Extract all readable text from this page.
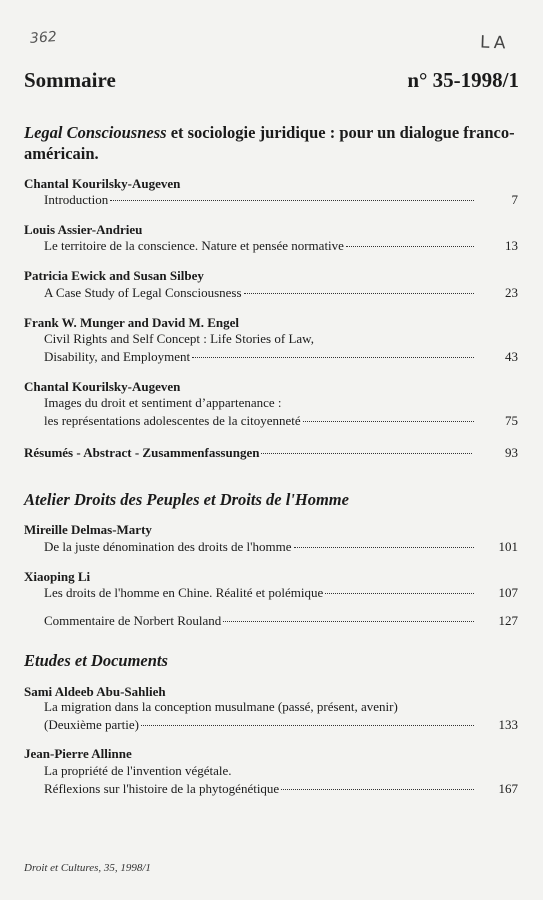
362	LA
Sommaire	n° 35-1998/1
Legal Consciousness et sociologie juridique : pour un dialogue franco-
américain.
Chantal Kourilsky-Augeven
Introduction	7
Louis Assier-Andrieu
Le territoire de la conscience. Nature et pensée normative	13
Patricia Ewick and Susan Silbey
A Case Study of Legal Consciousness	23
Frank W. Munger and David M. Engel
Civil Rights and Self Concept : Life Stories of Law,
Disability, and Employment	43
Chantal Kourilsky-Augeven
Images du droit et sentiment d’appartenance :
les représentations adolescentes de la citoyenneté	75
Résumés - Abstract - Zusammenfassungen	93
Atelier Droits des Peuples et Droits de l'Homme
Mireille Delmas-Marty
De la juste dénomination des droits de l'homme	101
Xiaoping Li
Les droits de l'homme en Chine. Réalité et polémique	107
Commentaire de Norbert Rouland	127
Etudes et Documents
Sami Aldeeb Abu-Sahlieh
La migration dans la conception musulmane (passé, présent, avenir)
(Deuxième partie)	133
Jean-Pierre Allinne
La propriété de l'invention végétale.
Réflexions sur l'histoire de la phytogénétique	167
Droit et Cultures, 35, 1998/1
